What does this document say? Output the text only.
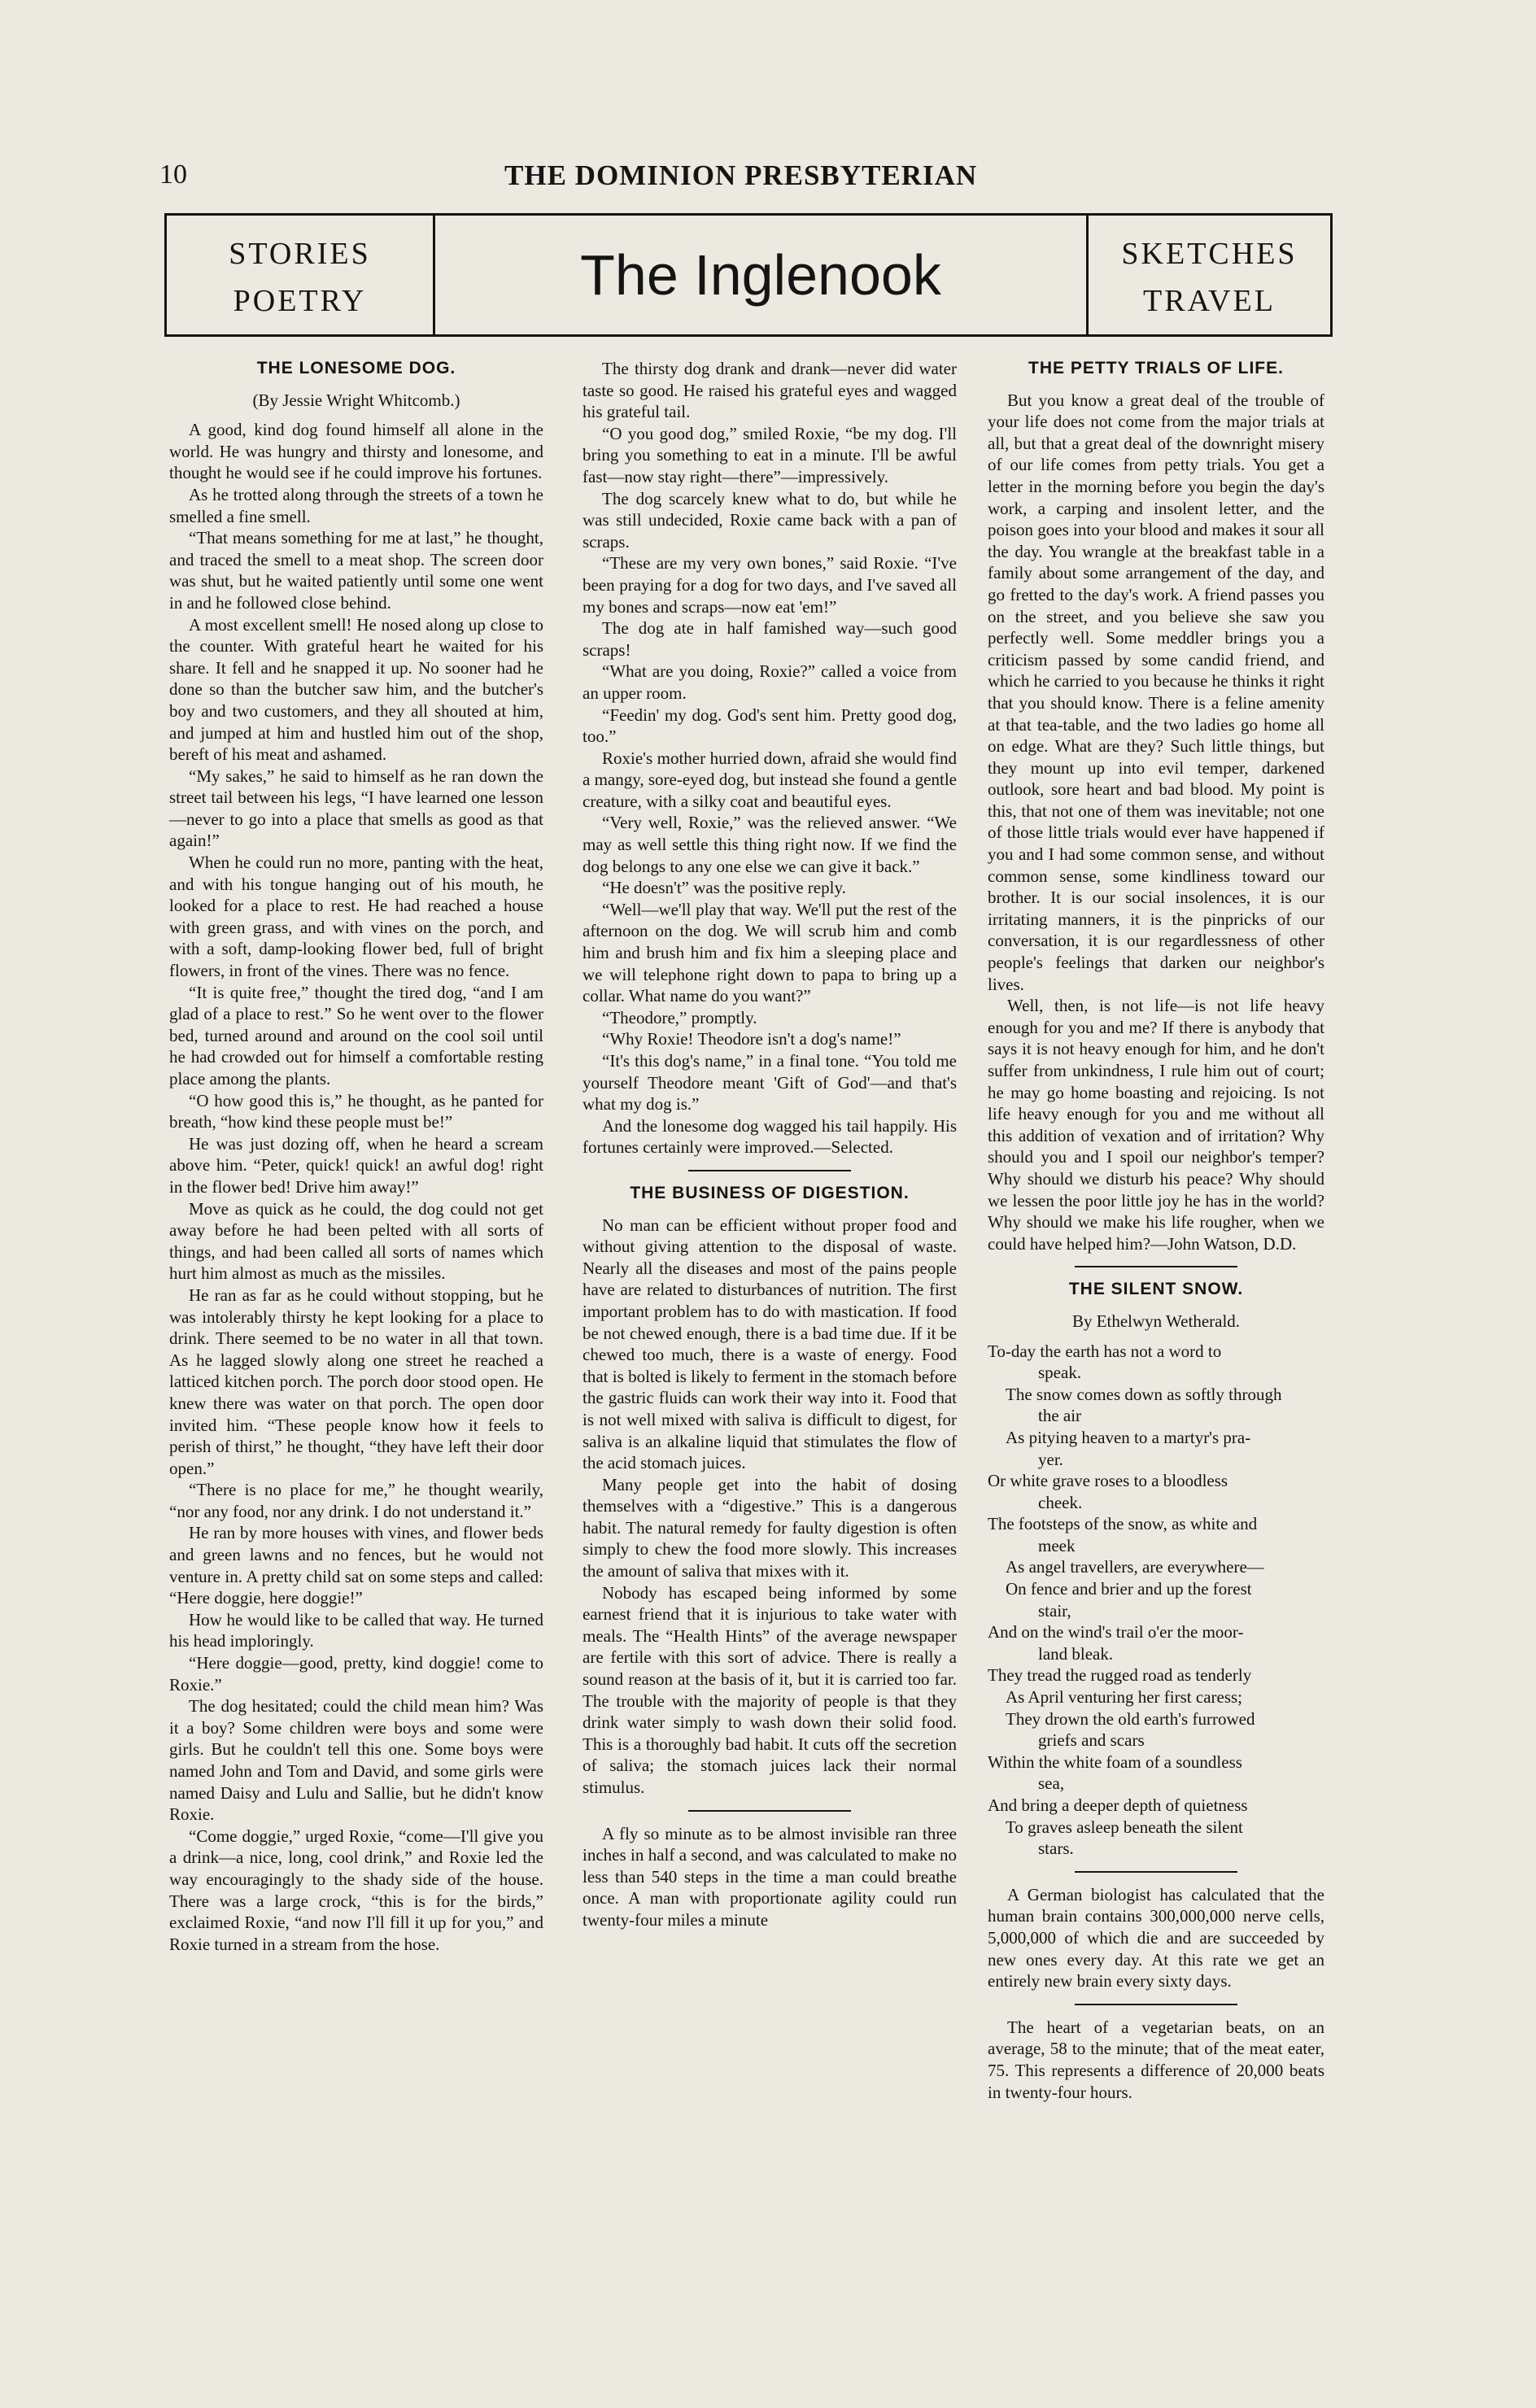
10	THE DOMINION PRESBYTERIAN
STORIES
POETRY	The Inglenook	SKETCHES
TRAVEL
THE LONESOME DOG.

(By Jessie Wright Whitcomb.)

A good, kind dog found himself all alone in the world. He was hungry and thirsty and lonesome, and thought he would see if he could improve his fortunes.

As he trotted along through the streets of a town he smelled a fine smell.

“That means something for me at last,” he thought, and traced the smell to a meat shop. The screen door was shut, but he waited patiently until some one went in and he followed close behind.

A most excellent smell! He nosed along up close to the counter. With grateful heart he waited for his share. It fell and he snapped it up. No sooner had he done so than the butcher saw him, and the butcher's boy and two customers, and they all shouted at him, and jumped at him and hustled him out of the shop, bereft of his meat and ashamed.

“My sakes,” he said to himself as he ran down the street tail between his legs, “I have learned one lesson—never to go into a place that smells as good as that again!”

When he could run no more, panting with the heat, and with his tongue hanging out of his mouth, he looked for a place to rest. He had reached a house with green grass, and with vines on the porch, and with a soft, damp-looking flower bed, full of bright flowers, in front of the vines. There was no fence.

“It is quite free,” thought the tired dog, “and I am glad of a place to rest.” So he went over to the flower bed, turned around and around on the cool soil until he had crowded out for himself a comfortable resting place among the plants.

“O how good this is,” he thought, as he panted for breath, “how kind these people must be!”

He was just dozing off, when he heard a scream above him. “Peter, quick! quick! an awful dog! right in the flower bed! Drive him away!”

Move as quick as he could, the dog could not get away before he had been pelted with all sorts of things, and had been called all sorts of names which hurt him almost as much as the missiles.

He ran as far as he could without stopping, but he was intolerably thirsty he kept looking for a place to drink. There seemed to be no water in all that town. As he lagged slowly along one street he reached a latticed kitchen porch. The porch door stood open. He knew there was water on that porch. The open door invited him. “These people know how it feels to perish of thirst,” he thought, “they have left their door open.”

“There is no place for me,” he thought wearily, “nor any food, nor any drink. I do not understand it.”

He ran by more houses with vines, and flower beds and green lawns and no fences, but he would not venture in. A pretty child sat on some steps and called: “Here doggie, here doggie!”

How he would like to be called that way. He turned his head imploringly.

“Here doggie—good, pretty, kind doggie! come to Roxie.”

The dog hesitated; could the child mean him? Was it a boy? Some children were boys and some were girls. But he couldn't tell this one. Some boys were named John and Tom and David, and some girls were named Daisy and Lulu and Sallie, but he didn't know Roxie.

“Come doggie,” urged Roxie, “come—I'll give you a drink—a nice, long, cool drink,” and Roxie led the way encouragingly to the shady side of the house. There was a large crock, “this is for the birds,” exclaimed Roxie, “and now I'll fill it up for you,” and Roxie turned in a stream from the hose.

The thirsty dog drank and drank—never did water taste so good. He raised his grateful eyes and wagged his grateful tail.

“O you good dog,” smiled Roxie, “be my dog. I'll bring you something to eat in a minute. I'll be awful fast—now stay right—there”—impressively.

The dog scarcely knew what to do, but while he was still undecided, Roxie came back with a pan of scraps.

“These are my very own bones,” said Roxie. “I've been praying for a dog for two days, and I've saved all my bones and scraps—now eat 'em!”

The dog ate in half famished way—such good scraps!

“What are you doing, Roxie?” called a voice from an upper room.

“Feedin' my dog. God's sent him. Pretty good dog, too.”

Roxie's mother hurried down, afraid she would find a mangy, sore-eyed dog, but instead she found a gentle creature, with a silky coat and beautiful eyes.

“Very well, Roxie,” was the relieved answer. “We may as well settle this thing right now. If we find the dog belongs to any one else we can give it back.”

“He doesn't” was the positive reply.

“Well—we'll play that way. We'll put the rest of the afternoon on the dog. We will scrub him and comb him and brush him and fix him a sleeping place and we will telephone right down to papa to bring up a collar. What name do you want?”

“Theodore,” promptly.

“Why Roxie! Theodore isn't a dog's name!”

“It's this dog's name,” in a final tone. “You told me yourself Theodore meant 'Gift of God'—and that's what my dog is.”

And the lonesome dog wagged his tail happily. His fortunes certainly were improved.—Selected.

THE BUSINESS OF DIGESTION.

No man can be efficient without proper food and without giving attention to the disposal of waste. Nearly all the diseases and most of the pains people have are related to disturbances of nutrition. The first important problem has to do with mastication. If food be not chewed enough, there is a bad time due. If it be chewed too much, there is a waste of energy. Food that is bolted is likely to ferment in the stomach before the gastric fluids can work their way into it. Food that is not well mixed with saliva is difficult to digest, for saliva is an alkaline liquid that stimulates the flow of the acid stomach juices.

Many people get into the habit of dosing themselves with a “digestive.” This is a dangerous habit. The natural remedy for faulty digestion is often simply to chew the food more slowly. This increases the amount of saliva that mixes with it.

Nobody has escaped being informed by some earnest friend that it is injurious to take water with meals. The “Health Hints” of the average newspaper are fertile with this sort of advice. There is really a sound reason at the basis of it, but it is carried too far. The trouble with the majority of people is that they drink water simply to wash down their solid food. This is a thoroughly bad habit. It cuts off the secretion of saliva; the stomach juices lack their normal stimulus.

A fly so minute as to be almost invisible ran three inches in half a second, and was calculated to make no less than 540 steps in the time a man could breathe once. A man with proportionate agility could run twenty-four miles a minute

THE PETTY TRIALS OF LIFE.

But you know a great deal of the trouble of your life does not come from the major trials at all, but that a great deal of the downright misery of our life comes from petty trials. You get a letter in the morning before you begin the day's work, a carping and insolent letter, and the poison goes into your blood and makes it sour all the day. You wrangle at the breakfast table in a family about some arrangement of the day, and go fretted to the day's work. A friend passes you on the street, and you believe she saw you perfectly well. Some meddler brings you a criticism passed by some candid friend, and which he carried to you because he thinks it right that you should know. There is a feline amenity at that tea-table, and the two ladies go home all on edge. What are they? Such little things, but they mount up into evil temper, darkened outlook, sore heart and bad blood. My point is this, that not one of them was inevitable; not one of those little trials would ever have happened if you and I had some common sense, and without common sense, some kindliness toward our brother. It is our social insolences, it is our irritating manners, it is the pinpricks of our conversation, it is our regardlessness of other people's feelings that darken our neighbor's lives.

Well, then, is not life—is not life heavy enough for you and me? If there is anybody that says it is not heavy enough for him, and he don't suffer from unkindness, I rule him out of court; he may go home boasting and rejoicing. Is not life heavy enough for you and me without all this addition of vexation and of irritation? Why should you and I spoil our neighbor's temper? Why should we disturb his peace? Why should we lessen the poor little joy he has in the world? Why should we make his life rougher, when we could have helped him?—John Watson, D.D.

THE SILENT SNOW.

By Ethelwyn Wetherald.

To-day the earth has not a word to

speak.

The snow comes down as softly through

the air

As pitying heaven to a martyr's pra-

yer.

Or white grave roses to a bloodless

cheek.

The footsteps of the snow, as white and

meek

As angel travellers, are everywhere—

On fence and brier and up the forest

stair,

And on the wind's trail o'er the moor-

land bleak.

They tread the rugged road as tenderly

As April venturing her first caress;

They drown the old earth's furrowed

griefs and scars

Within the white foam of a soundless

sea,

And bring a deeper depth of quietness

To graves asleep beneath the silent

stars.

A German biologist has calculated that the human brain contains 300,000,000 nerve cells, 5,000,000 of which die and are succeeded by new ones every day. At this rate we get an entirely new brain every sixty days.

The heart of a vegetarian beats, on an average, 58 to the minute; that of the meat eater, 75. This represents a difference of 20,000 beats in twenty-four hours.
